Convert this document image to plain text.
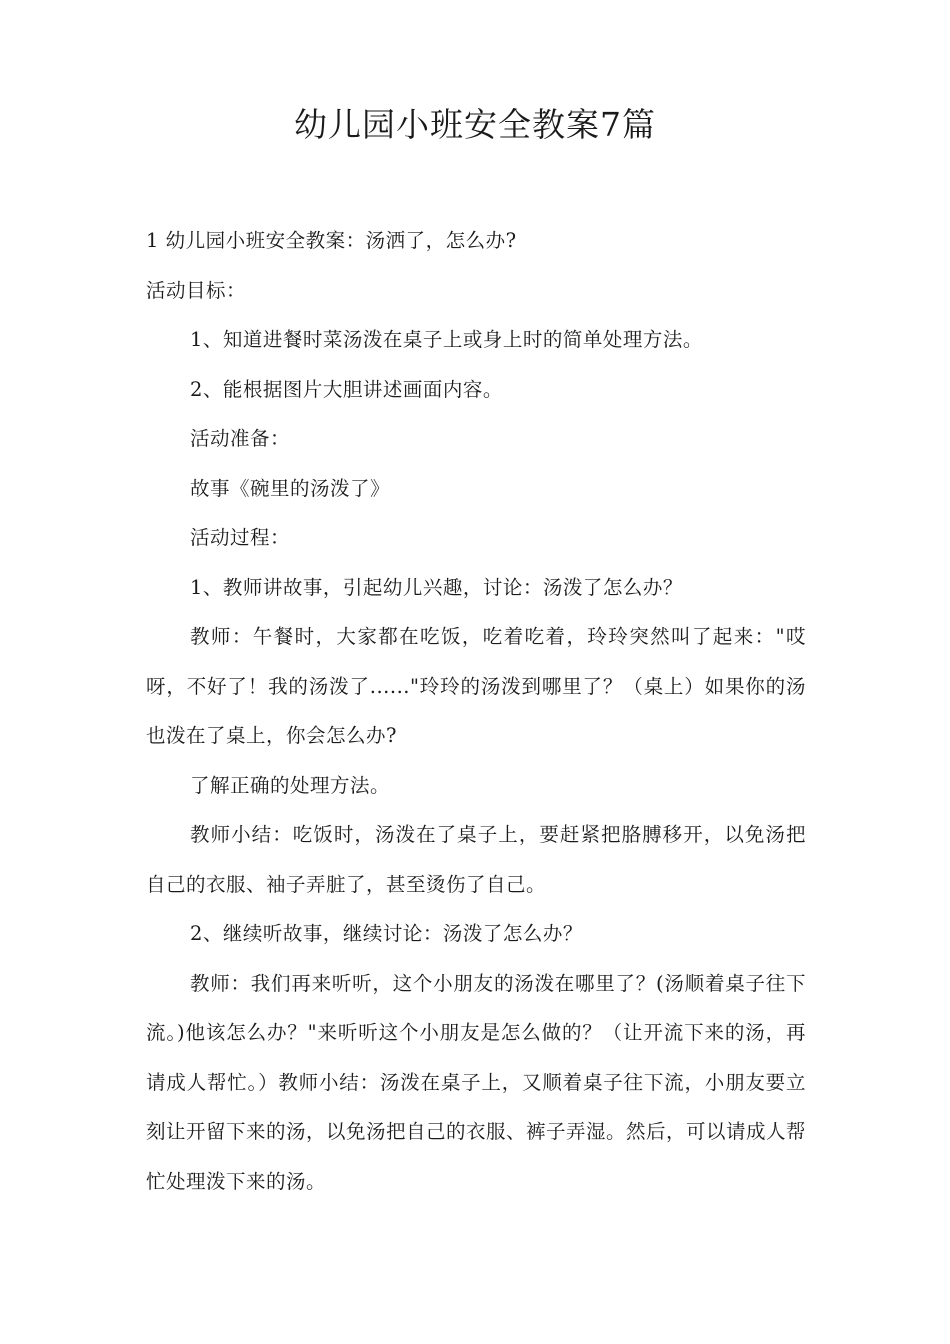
幼儿园小班安全教案7篇

1 幼儿园小班安全教案：汤洒了，怎么办?

活动目标：

1、知道进餐时菜汤泼在桌子上或身上时的简单处理方法。

2、能根据图片大胆讲述画面内容。

活动准备：

故事《碗里的汤泼了》

活动过程：

1、教师讲故事，引起幼儿兴趣，讨论：汤泼了怎么办？

教师：午餐时，大家都在吃饭，吃着吃着，玲玲突然叫了起来："哎呀，不好了！我的汤泼了......"玲玲的汤泼到哪里了？（桌上）如果你的汤也泼在了桌上，你会怎么办?

了解正确的处理方法。

教师小结：吃饭时，汤泼在了桌子上，要赶紧把胳膊移开，以免汤把自己的衣服、袖子弄脏了，甚至烫伤了自己。

2、继续听故事，继续讨论：汤泼了怎么办？

教师：我们再来听听，这个小朋友的汤泼在哪里了？(汤顺着桌子往下流。)他该怎么办？"来听听这个小朋友是怎么做的？（让开流下来的汤，再请成人帮忙。）教师小结：汤泼在桌子上，又顺着桌子往下流，小朋友要立刻让开留下来的汤，以免汤把自己的衣服、裤子弄湿。然后，可以请成人帮忙处理泼下来的汤。
